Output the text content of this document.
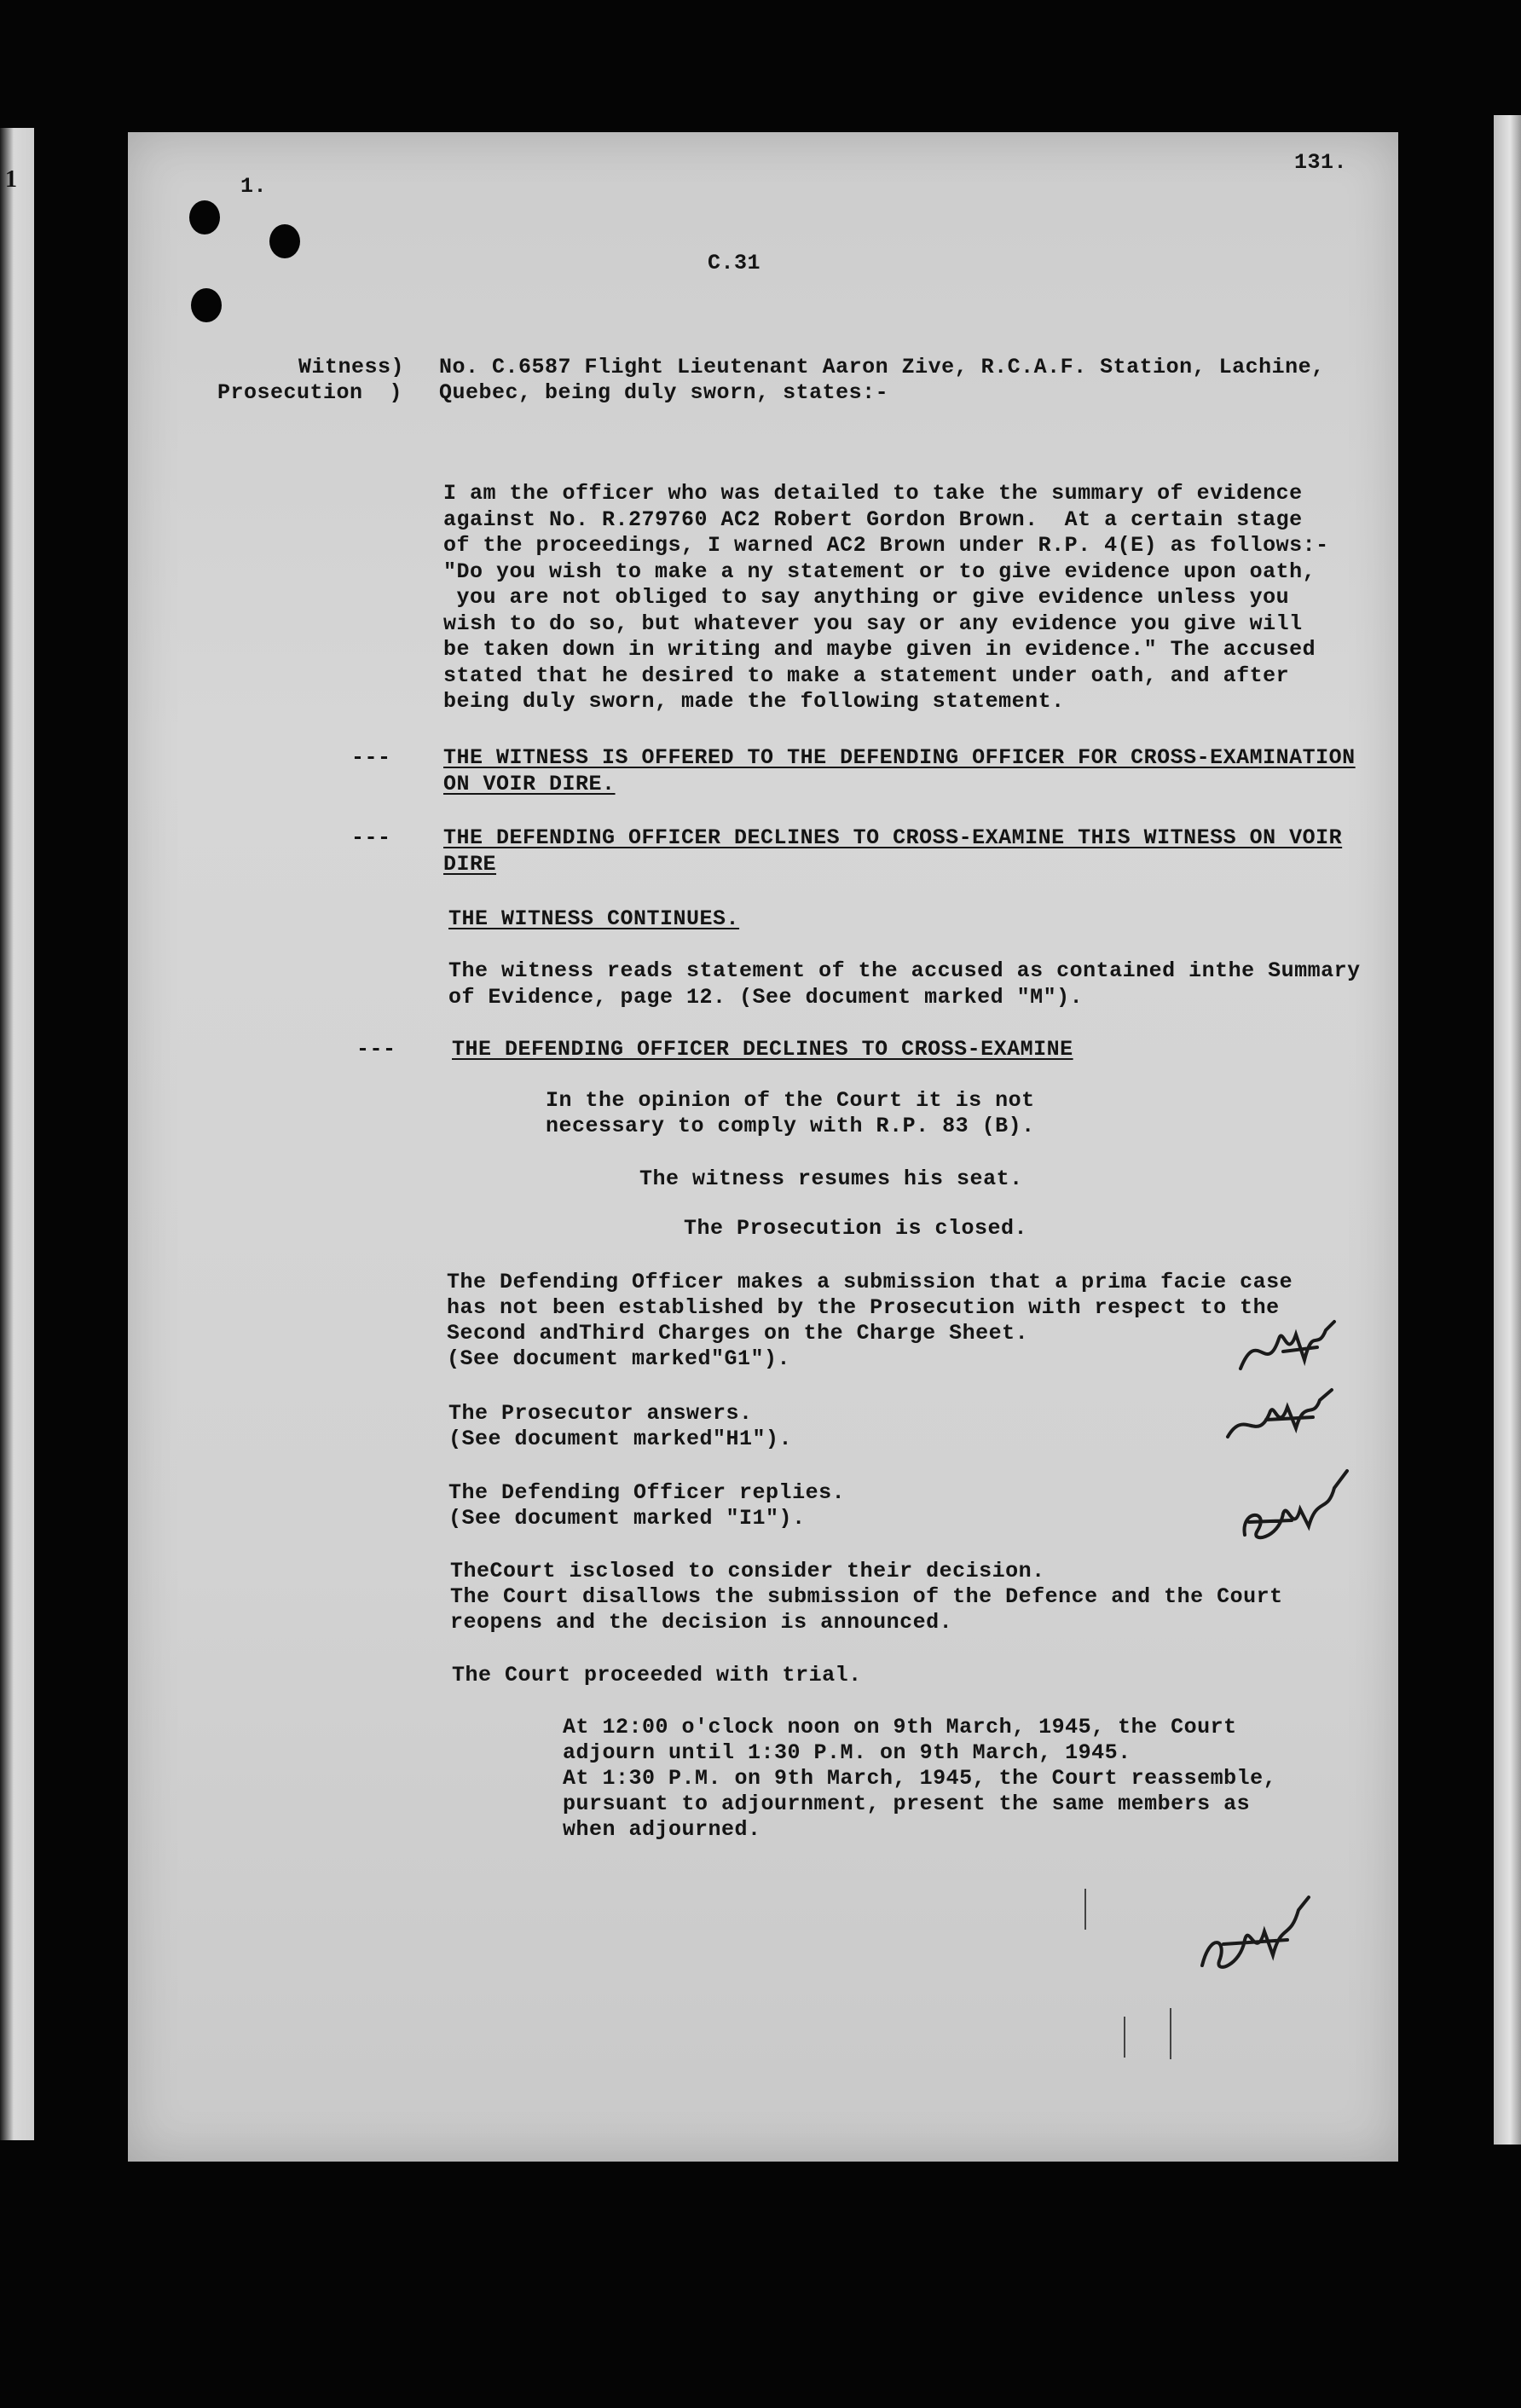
1	1.
131.
C.31
Witness)
Prosecution  )
No. C.6587 Flight Lieutenant Aaron Zive, R.C.A.F. Station, Lachine,
Quebec, being duly sworn, states:-
I am the officer who was detailed to take the summary of evidence
against No. R.279760 AC2 Robert Gordon Brown.  At a certain stage
of the proceedings, I warned AC2 Brown under R.P. 4(E) as follows:-
"Do you wish to make a ny statement or to give evidence upon oath,
you are not obliged to say anything or give evidence unless you
wish to do so, but whatever you say or any evidence you give will
be taken down in writing and maybe given in evidence." The accused
stated that he desired to make a statement under oath, and after
being duly sworn, made the following statement.
--- THE WITNESS IS OFFERED TO THE DEFENDING OFFICER FOR CROSS-EXAMINATION
ON VOIR DIRE.
--- THE DEFENDING OFFICER DECLINES TO CROSS-EXAMINE THIS WITNESS ON VOIR
DIRE
THE WITNESS CONTINUES.
The witness reads statement of the accused as contained inthe Summary
of Evidence, page 12. (See document marked "M").
---	THE DEFENDING OFFICER DECLINES TO CROSS-EXAMINE
In the opinion of the Court it is not
necessary to comply with R.P. 83 (B).
The witness resumes his seat.
The Prosecution is closed.
The Defending Officer makes a submission that a prima facie case
has not been established by the Prosecution with respect to the
Second andThird Charges on the Charge Sheet.
(See document marked"G1").
The Prosecutor answers.
(See document marked"H1").
The Defending Officer replies.
(See document marked "I1").
TheCourt isclosed to consider their decision.
The Court disallows the submission of the Defence and the Court
reopens and the decision is announced.
The Court proceeded with trial.
At 12:00 o'clock noon on 9th March, 1945, the Court
adjourn until 1:30 P.M. on 9th March, 1945.
At 1:30 P.M. on 9th March, 1945, the Court reassemble,
pursuant to adjournment, present the same members as
when adjourned.
